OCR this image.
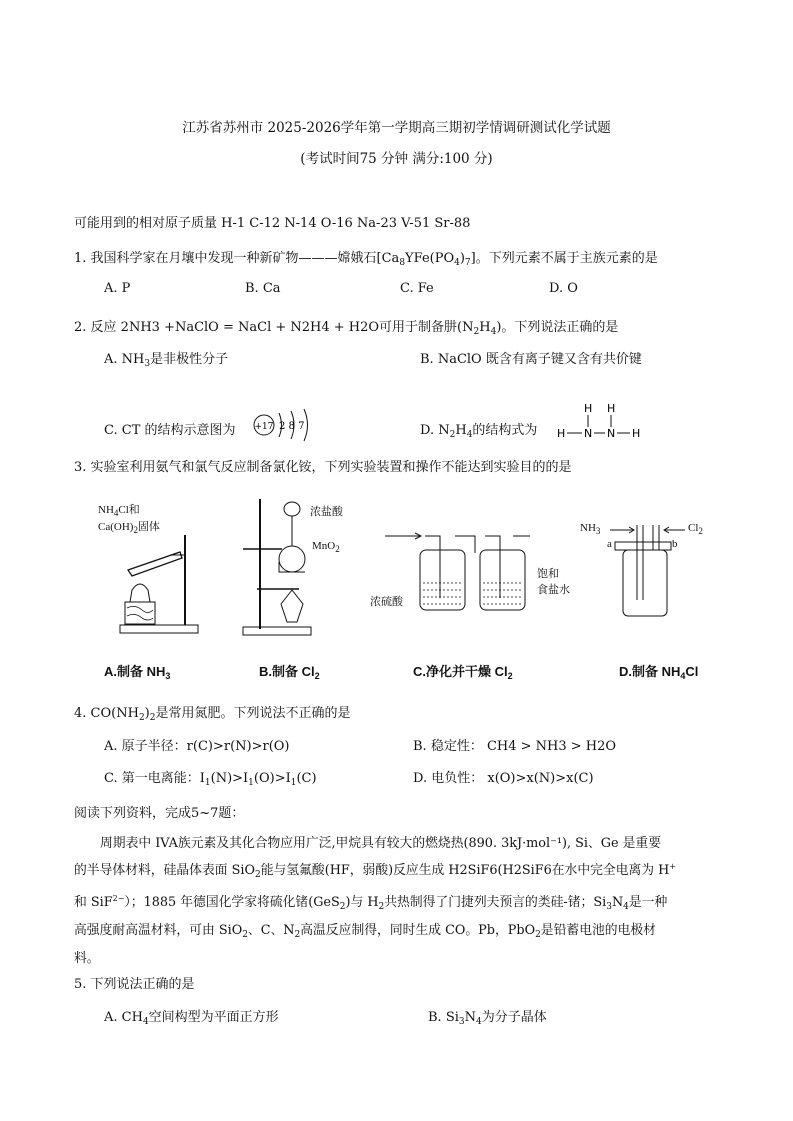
江苏省苏州市 2025-2026学年第一学期高三期初学情调研测试化学试题
(考试时间75 分钟 满分:100 分)
可能用到的相对原子质量 H-1 C-12 N-14 O-16 Na-23 V-51 Sr-88
1. 我国科学家在月壤中发现一种新矿物———嫦娥石$[Ca_8YFe(PO_4)_7]$。下列元素不属于主族元素的是
A. P	B. Ca	C. Fe	D. O
2. 反应 2NH3 +NaClO = NaCl + N2H4 + H2O可用于制备肼$(N_2H_4)$。下列说法正确的是
A. $NH_3$是非极性分子	B. NaClO 既含有离子键又含有共价键
C. CT 的结构示意图为 +17 2 8 7	D. $N_2H_4$的结构式为
H H
H N N H
3. 实验室利用氨气和氯气反应制备氯化铵，下列实验装置和操作不能达到实验目的的是
$NH_4Cl$和
$Ca(OH)_2$固体
浓盐酸
MnO$_2$
浓硫酸
饱和
食盐水
$NH_3$	$Cl_2$
a	b
A.制备 $NH_3$	B.制备 $Cl_2$	C.净化并干燥 $Cl_2$	D.制备 $NH_4Cl$
4. $CO(NH_2)_2$是常用氮肥。下列说法不正确的是
A. 原子半径：r(C)>r(N)>r(O)	B. 稳定性： CH4 > NH3 > H2O
C. 第一电离能：$I_1(N)>I_1(O)>I_1(C)$	D. 电负性： x(O)>x(N)>x(C)
阅读下列资料，完成5~7题：
周期表中 IVA族元素及其化合物应用广泛,甲烷具有较大的燃烧热(890. 3kJ·mol⁻¹), Si、Ge 是重要
的半导体材料，硅晶体表面 SiO$_2$能与氢氟酸(HF，弱酸)反应生成 H2SiF6(H2SiF6在水中完全电离为 H+
和 SiF$^{2-}$）；1885 年德国化学家将硫化锗(GeS$_2$)与 $H_2$共热制得了门捷列夫预言的类硅-锗；$Si_3N_4$是一种
高强度耐高温材料，可由 SiO$_2$、C、$N_2$高温反应制得，同时生成 CO。Pb，PbO$_2$是铅蓄电池的电极材
料。
5. 下列说法正确的是
A. $CH_4$空间构型为平面正方形	B. $Si_3N_4$为分子晶体
